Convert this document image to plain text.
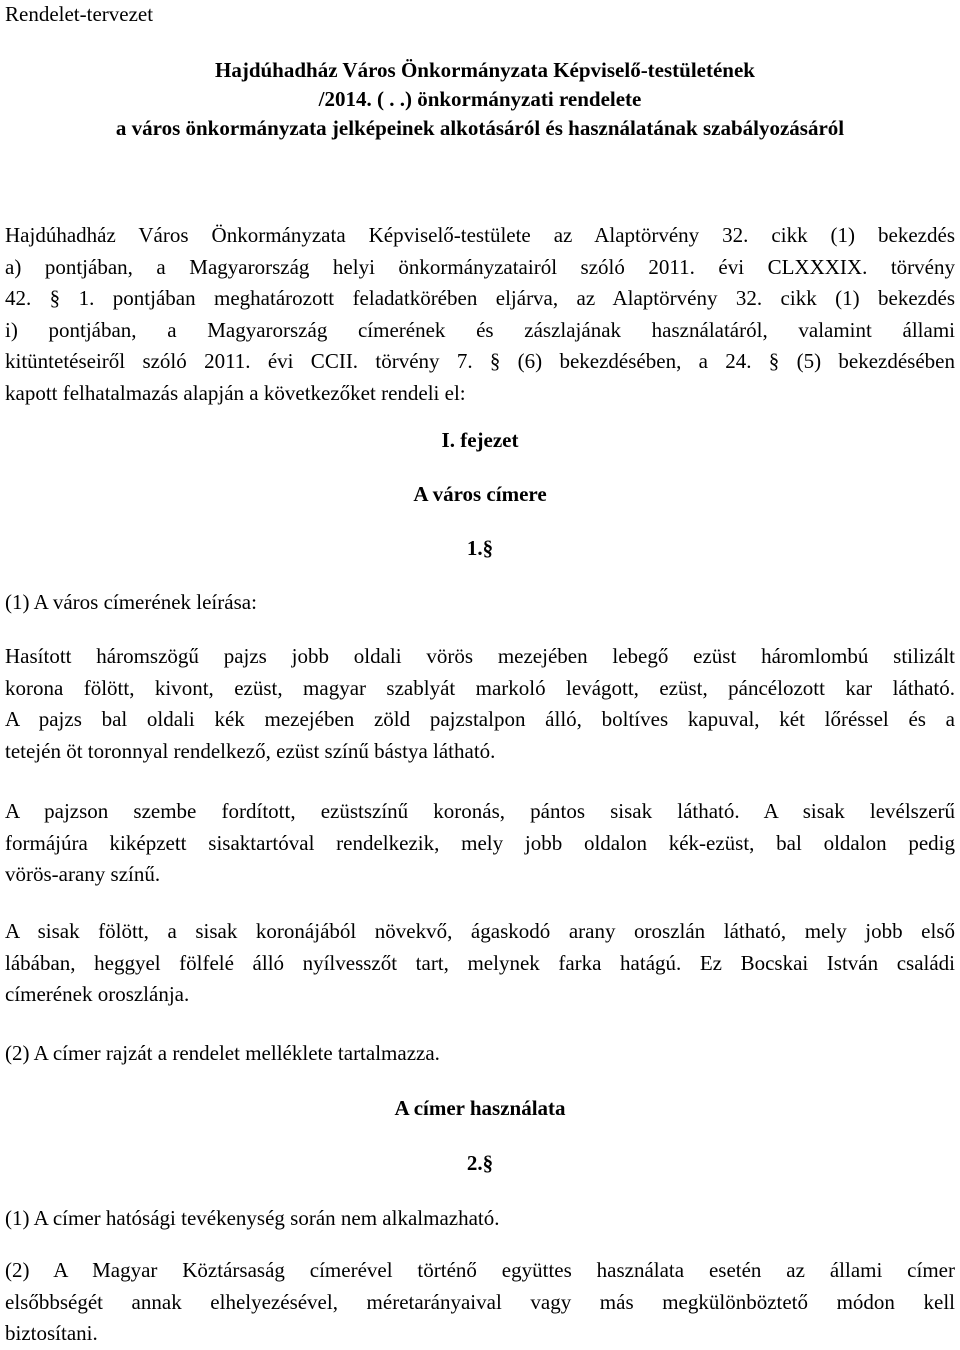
Rendelet-tervezet
Hajdúhadház Város Önkormányzata Képviselő-testületének
/2014. ( . .) önkormányzati rendelete
a város önkormányzata jelképeinek alkotásáról és használatának szabályozásáról
Hajdúhadház Város Önkormányzata Képviselő-testülete az Alaptörvény 32. cikk (1) bekezdés
a) pontjában, a Magyarország helyi önkormányzatairól szóló 2011. évi CLXXXIX. törvény
42. § 1. pontjában meghatározott feladatkörében eljárva, az Alaptörvény 32. cikk (1) bekezdés
i) pontjában, a Magyarország címerének és zászlajának használatáról, valamint állami
kitüntetéseiről szóló 2011. évi CCII. törvény 7. § (6) bekezdésében, a 24. § (5) bekezdésében
kapott felhatalmazás alapján a következőket rendeli el:
I. fejezet
A város címere
1.§
(1) A város címerének leírása:
Hasított háromszögű pajzs jobb oldali vörös mezejében lebegő ezüst háromlombú stilizált
korona fölött, kivont, ezüst, magyar szablyát markoló levágott, ezüst, páncélozott kar látható.
A pajzs bal oldali kék mezejében zöld pajzstalpon álló, boltíves kapuval, két lőréssel és a
tetején öt toronnyal rendelkező, ezüst színű bástya látható.
A pajzson szembe fordított, ezüstszínű koronás, pántos sisak látható. A sisak levélszerű
formájúra kiképzett sisaktartóval rendelkezik, mely jobb oldalon kék-ezüst, bal oldalon pedig
vörös-arany színű.
A sisak fölött, a sisak koronájából növekvő, ágaskodó arany oroszlán látható, mely jobb első
lábában, heggyel fölfelé álló nyílvesszőt tart, melynek farka hatágú. Ez Bocskai István családi
címerének oroszlánja.
(2) A címer rajzát a rendelet melléklete tartalmazza.
A címer használata
2.§
(1) A címer hatósági tevékenység során nem alkalmazható.
(2) A Magyar Köztársaság címerével történő együttes használata esetén az állami címer
elsőbbségét annak elhelyezésével, méretarányaival vagy más megkülönböztető módon kell
biztosítani.
